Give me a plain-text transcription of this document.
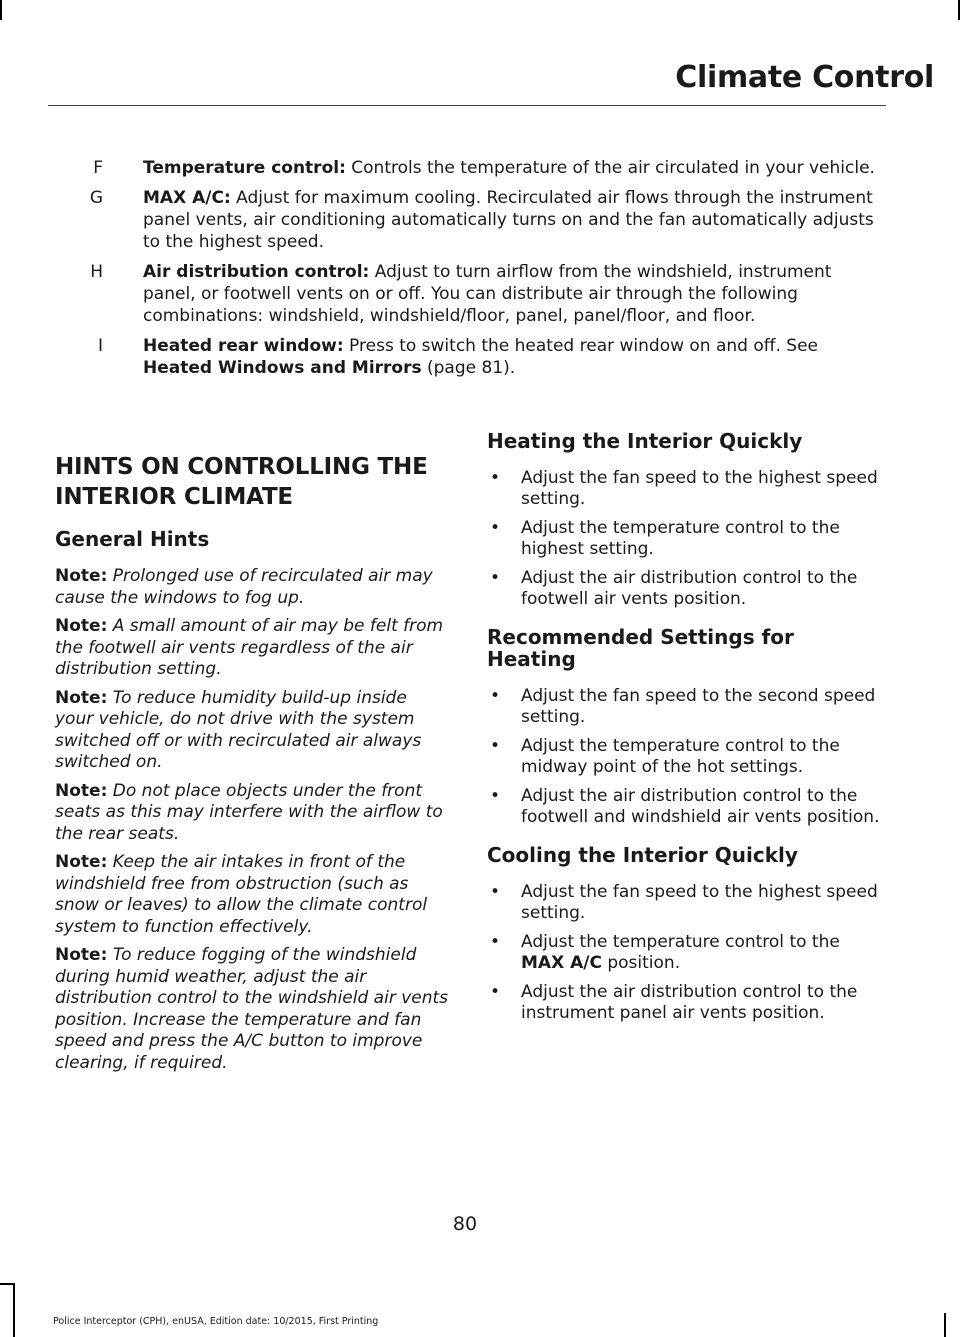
Climate Control
F	Temperature control: Controls the temperature of the air circulated in your vehicle.
G	MAX A/C: Adjust for maximum cooling. Recirculated air flows through the instrument panel vents, air conditioning automatically turns on and the fan automatically adjusts to the highest speed.
H	Air distribution control: Adjust to turn airflow from the windshield, instrument panel, or footwell vents on or off. You can distribute air through the following combinations: windshield, windshield/floor, panel, panel/floor, and floor.
I	Heated rear window: Press to switch the heated rear window on and off. See Heated Windows and Mirrors (page 81).
HINTS ON CONTROLLING THE
INTERIOR CLIMATE
General Hints

Note: Prolonged use of recirculated air may cause the windows to fog up.

Note: A small amount of air may be felt from the footwell air vents regardless of the air distribution setting.

Note: To reduce humidity build-up inside your vehicle, do not drive with the system switched off or with recirculated air always switched on.

Note: Do not place objects under the front seats as this may interfere with the airflow to the rear seats.

Note: Keep the air intakes in front of the windshield free from obstruction (such as snow or leaves) to allow the climate control system to function effectively.

Note: To reduce fogging of the windshield during humid weather, adjust the air distribution control to the windshield air vents position. Increase the temperature and fan speed and press the A/C button to improve clearing, if required.

Heating the Interior Quickly
• Adjust the fan speed to the highest speed setting.
• Adjust the temperature control to the highest setting.
• Adjust the air distribution control to the footwell air vents position.
Recommended Settings for
Heating
• Adjust the fan speed to the second speed setting.
• Adjust the temperature control to the midway point of the hot settings.
• Adjust the air distribution control to the footwell and windshield air vents position.
Cooling the Interior Quickly
• Adjust the fan speed to the highest speed setting.
• Adjust the temperature control to the MAX A/C position.
• Adjust the air distribution control to the instrument panel air vents position.
80
Police Interceptor (CPH), enUSA, Edition date: 10/2015, First Printing
